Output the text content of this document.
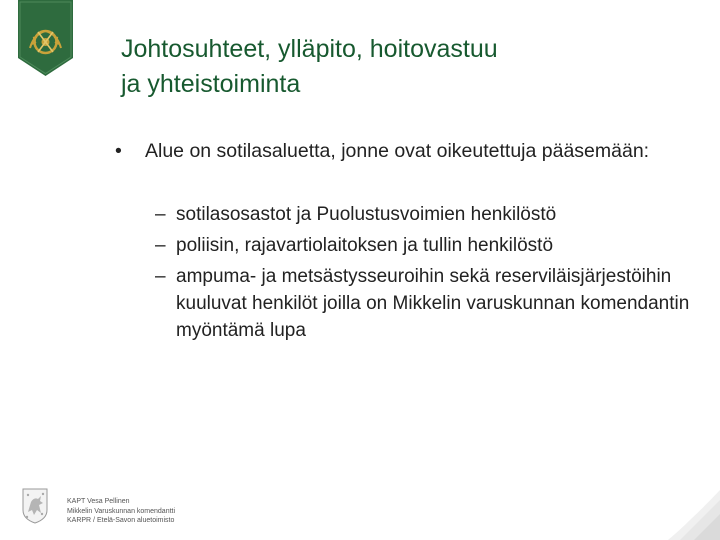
Johtosuhteet, ylläpito, hoitovastuu
ja yhteistoiminta
•	Alue on sotilasaluetta, jonne ovat oikeutettuja pääsemään:
– sotilasosastot ja Puolustusvoimien henkilöstö
– poliisin, rajavartiolaitoksen ja tullin henkilöstö
– ampuma- ja metsästysseuroihin sekä reserviläisjärjestöihin kuuluvat henkilöt joilla on Mikkelin varuskunnan komendantin myöntämä lupa
KAPT Vesa Pellinen
Mikkelin Varuskunnan komendantti
KARPR / Etelä-Savon aluetoimisto
